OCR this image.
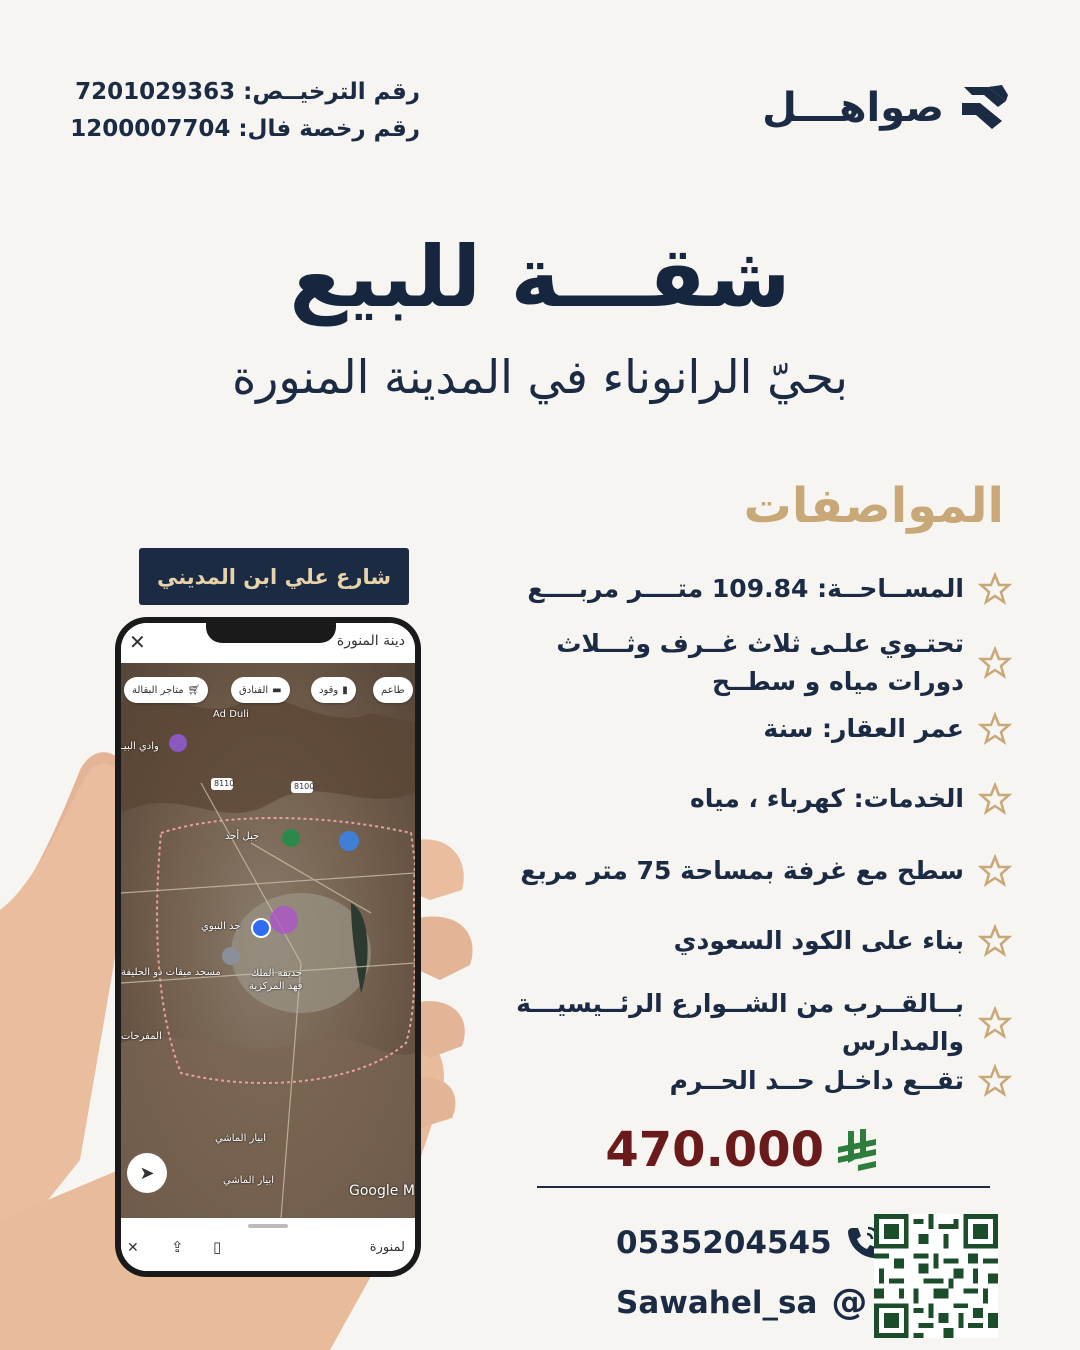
رقم الترخيــص: 7201029363
رقم رخصة فال: 1200007704	صواهـــل
شقـــة للبيع
بحيّ الرانوناء في المدينة المنورة
المواصفات
المســاحــة: 109.84 متــــر مربــــع
تحتـوي علـى ثلاث غــرف وثـــلاث دورات مياه و سطــح
عمر العقار: سنة
الخدمات: كهرباء ، مياه
سطح مع غرفة بمساحة 75 متر مربع
بناء على الكود السعودي
بــالقــرب من الشــوارع الرئــيسيـــة والمدارس
تقــع داخـل حــد الحــرم
470.000
0535204545
Sawahel_sa @
شارع علي ابن المديني
✕	دينة المنورة
Ad Duli
وادي البيـ
8110	8100
جبل أحد
جد النبوي
حديقة الملك
فهد المركزية
مسجد ميقات ذو الحليفة
المفرحات
ابيار الماشي
ابيار الماشي
Google M
🛒︎
متاجر البقالة	▬
الفنادق	▮
وقود	طاعم
➤
✕ ⇪ ▯	لمنورة
